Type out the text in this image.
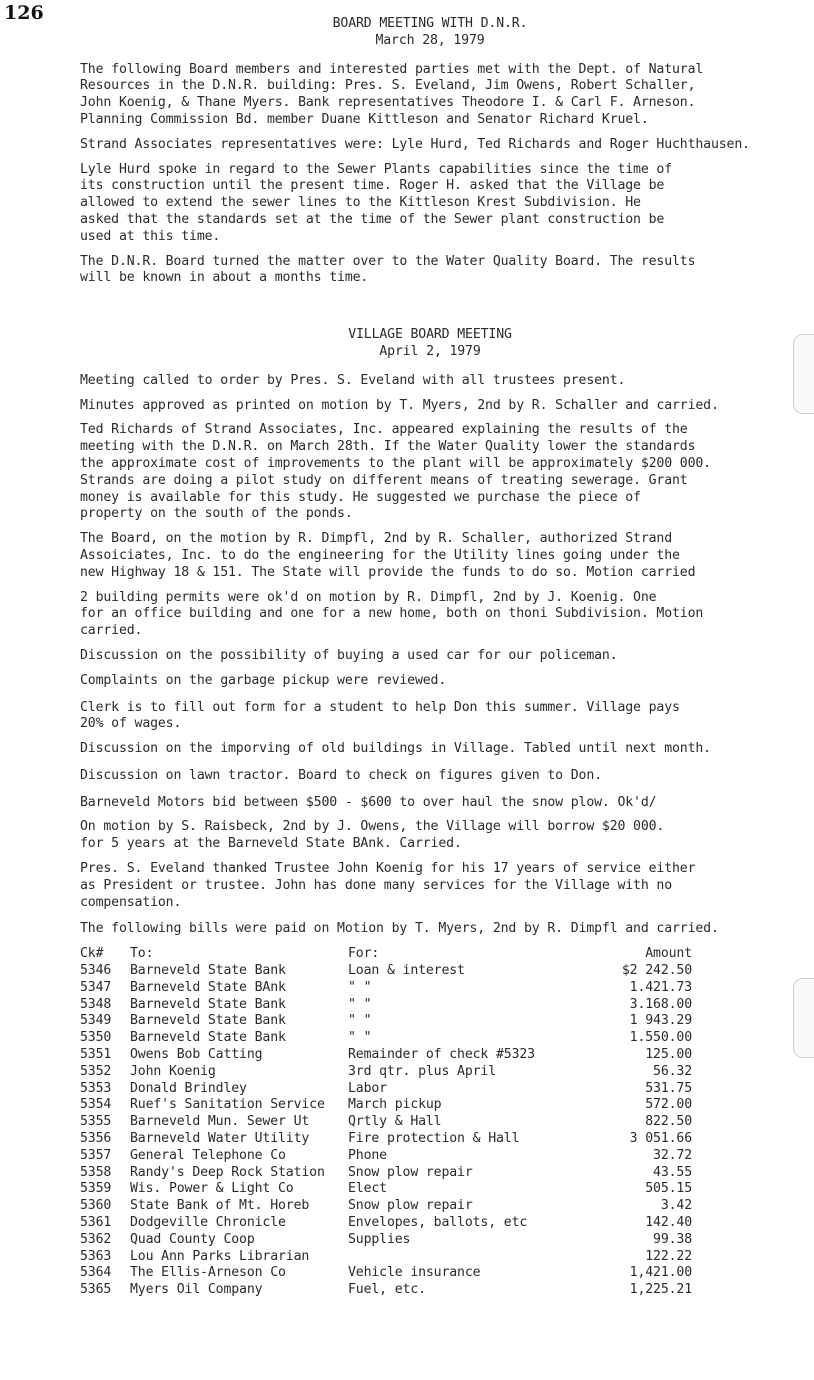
126	BOARD MEETING WITH D.N.R.

March 28, 1979

The following Board members and interested parties met with the Dept. of Natural
Resources in the D.N.R. building: Pres. S. Eveland, Jim Owens, Robert Schaller,
John Koenig, & Thane Myers. Bank representatives Theodore I. & Carl F. Arneson.
Planning Commission Bd. member Duane Kittleson and Senator Richard Kruel.

Strand Associates representatives were: Lyle Hurd, Ted Richards and Roger Huchthausen.

Lyle Hurd spoke in regard to the Sewer Plants capabilities since the time of
its construction until the present time. Roger H. asked that the Village be
allowed to extend the sewer lines to the Kittleson Krest Subdivision. He
asked that the standards set at the time of the Sewer plant construction be
used at this time.

The D.N.R. Board turned the matter over to the Water Quality Board. The results
will be known in about a months time.

VILLAGE BOARD MEETING

April 2, 1979

Meeting called to order by Pres. S. Eveland with all trustees present.

Minutes approved as printed on motion by T. Myers, 2nd by R. Schaller and carried.

Ted Richards of Strand Associates, Inc. appeared explaining the results of the
meeting with the D.N.R. on March 28th. If the Water Quality lower the standards
the approximate cost of improvements to the plant will be approximately $200 000.
Strands are doing a pilot study on different means of treating sewerage. Grant
money is available for this study. He suggested we purchase the piece of
property on the south of the ponds.

The Board, on the motion by R. Dimpfl, 2nd by R. Schaller, authorized Strand
Assoiciates, Inc. to do the engineering for the Utility lines going under the
new Highway 18 & 151. The State will provide the funds to do so. Motion carried

2 building permits were ok'd on motion by R. Dimpfl, 2nd by J. Koenig. One
for an office building and one for a new home, both on thoni Subdivision. Motion
carried.

Discussion on the possibility of buying a used car for our policeman.

Complaints on the garbage pickup were reviewed.

Clerk is to fill out form for a student to help Don this summer. Village pays
20% of wages.

Discussion on the imporving of old buildings in Village. Tabled until next month.

Discussion on lawn tractor. Board to check on figures given to Don.

Barneveld Motors bid between $500 - $600 to over haul the snow plow. Ok'd/

On motion by S. Raisbeck, 2nd by J. Owens, the Village will borrow $20 000.
for 5 years at the Barneveld State BAnk. Carried.

Pres. S. Eveland thanked Trustee John Koenig for his 17 years of service either
as President or trustee. John has done many services for the Village with no
compensation.

The following bills were paid on Motion by T. Myers, 2nd by R. Dimpfl and carried.

Ck#	To:	For:	Amount
5346	Barneveld State Bank	Loan & interest	$2 242.50
5347	Barneveld State BAnk	" "	1.421.73
5348	Barneveld State Bank	" "	3.168.00
5349	Barneveld State Bank	" "	1 943.29
5350	Barneveld State Bank	" "	1.550.00
5351	Owens Bob Catting	Remainder of check #5323	125.00
5352	John Koenig	3rd qtr. plus April	56.32
5353	Donald Brindley	Labor	531.75
5354	Ruef's Sanitation Service	March pickup	572.00
5355	Barneveld Mun. Sewer Ut	Qrtly & Hall	822.50
5356	Barneveld Water Utility	Fire protection & Hall	3 051.66
5357	General Telephone Co	Phone	32.72
5358	Randy's Deep Rock Station	Snow plow repair	43.55
5359	Wis. Power & Light Co	Elect	505.15
5360	State Bank of Mt. Horeb	Snow plow repair	3.42
5361	Dodgeville Chronicle	Envelopes, ballots, etc	142.40
5362	Quad County Coop	Supplies	99.38
5363	Lou Ann Parks Librarian		122.22
5364	The Ellis-Arneson Co	Vehicle insurance	1,421.00
5365	Myers Oil Company	Fuel, etc.	1,225.21
